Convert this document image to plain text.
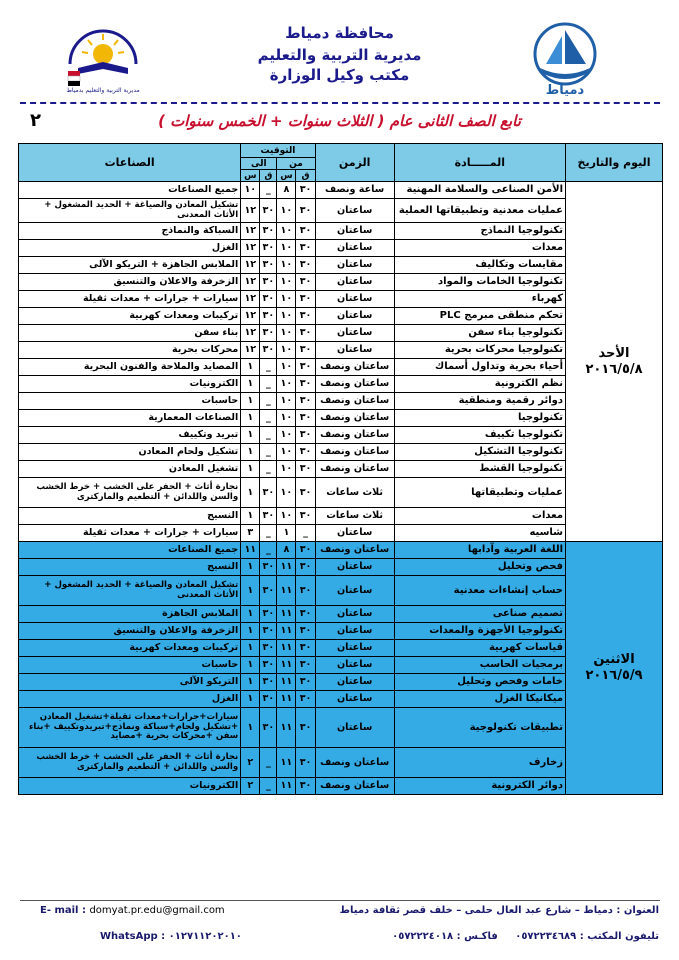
محافظة دمياط
مديرية التربية والتعليم
مكتب وكيل الوزارة
دمياط
مديرية التربية والتعليم بدمياط
تابع الصف الثانى عام ( الثلاث سنوات + الخمس سنوات )
٢
اليوم والتاريخ	المـــــادة	الزمن	التوقيت				الصناعات
			من		الى		
			ق	س	ق	س	

الأحد
٢٠١٦/٥/٨	الأمن الصناعى والسلامة المهنية	ساعة ونصف	٣٠	٨	_	١٠	جميع الصناعات
	عمليات معدنية وتطبيقاتها العملية	ساعتان	٣٠	١٠	٣٠	١٢	تشكيل المعادن والصياغة + الحديد المشغول + الأثاث المعدنى
	تكنولوجيا النماذج	ساعتان	٣٠	١٠	٣٠	١٢	السباكة والنماذج
	معدات	ساعتان	٣٠	١٠	٣٠	١٢	الغزل
	مقايسات وتكاليف	ساعتان	٣٠	١٠	٣٠	١٢	الملابس الجاهزة + التريكو الآلى
	تكنولوجيا الخامات والمواد	ساعتان	٣٠	١٠	٣٠	١٢	الزخرفة والاعلان والتنسيق
	كهرباء	ساعتان	٣٠	١٠	٣٠	١٢	سيارات + جرارات + معدات ثقيلة
	تحكم منطقى مبرمج PLC	ساعتان	٣٠	١٠	٣٠	١٢	تركيبات ومعدات كهربية
	تكنولوجيا بناء سفن	ساعتان	٣٠	١٠	٣٠	١٢	بناء سفن
	تكنولوجيا محركات بحرية	ساعتان	٣٠	١٠	٣٠	١٢	محركات بحرية
	أحياء بحرية وتداول أسماك	ساعتان ونصف	٣٠	١٠	_	١	المصايد والملاحة والفنون البحرية
	نظم الكترونية	ساعتان ونصف	٣٠	١٠	_	١	الكترونيات
	دوائر رقمية ومنطقية	ساعتان ونصف	٣٠	١٠	_	١	حاسبات
	تكنولوجيا	ساعتان ونصف	٣٠	١٠	_	١	الصناعات المعمارية
	تكنولوجيا تكييف	ساعتان ونصف	٣٠	١٠	_	١	تبريد وتكييف
	تكنولوجيا التشكيل	ساعتان ونصف	٣٠	١٠	_	١	تشكيل ولحام المعادن
	تكنولوجيا القشط	ساعتان ونصف	٣٠	١٠	_	١	تشغيل المعادن
	عمليات وتطبيقاتها	ثلاث ساعات	٣٠	١٠	٣٠	١	نجارة أثاث + الحفر على الخشب + خرط الخشب والسن واللدائن + التطعيم والماركترى
	معدات	ثلاث ساعات	٣٠	١٠	٣٠	١	النسيج
	شاسيه	ساعتان	_	١	_	٣	سيارات + جرارات + معدات ثقيلة

الاثنين
٢٠١٦/٥/٩	اللغة العربية وآدابها	ساعتان ونصف	٣٠	٨	_	١١	جميع الصناعات
	فحص وتحليل	ساعتان	٣٠	١١	٣٠	١	النسيج
	حساب إنشاءات معدنية	ساعتان	٣٠	١١	٣٠	١	تشكيل المعادن والصياغة + الحديد المشغول + الأثاث المعدنى
	تصميم صناعى	ساعتان	٣٠	١١	٣٠	١	الملابس الجاهزة
	تكنولوجيا الأجهزة والمعدات	ساعتان	٣٠	١١	٣٠	١	الزخرفة والاعلان والتنسيق
	قياسات كهربية	ساعتان	٣٠	١١	٣٠	١	تركيبات ومعدات كهربية
	برمجيات الحاسب	ساعتان	٣٠	١١	٣٠	١	حاسبات
	خامات وفحص وتحليل	ساعتان	٣٠	١١	٣٠	١	التريكو الآلى
	ميكانيكا الغزل	ساعتان	٣٠	١١	٣٠	١	الغزل
	تطبيقات تكنولوجية	ساعتان	٣٠	١١	٣٠	١	سيارات+جرارات+معدات ثقيلة+تشغيل المعادن +تشكيل ولحام+سباكة ونماذج+تبريدوتكييف +بناء سفن +محركات بحرية +مصايد
	زخارف	ساعتان ونصف	٣٠	١١	_	٢	نجارة أثاث + الحفر على الخشب + خرط الخشب والسن واللدائن + التطعيم والماركترى
	دوائر الكترونية	ساعتان ونصف	٣٠	١١	_	٢	الكترونيات
العنوان : دمياط – شارع عبد العال حلمى – خلف قصر ثقافة دمياط
E- mail : domyat.pr.edu@gmail.com
تليفون المكتب : ٠٥٧٢٢٣٤٦٨٩     فاكـس : ٠٥٧٢٢٢٤٠١٨
WhatsApp : ٠١٢٧١١٢٠٢٠١٠
